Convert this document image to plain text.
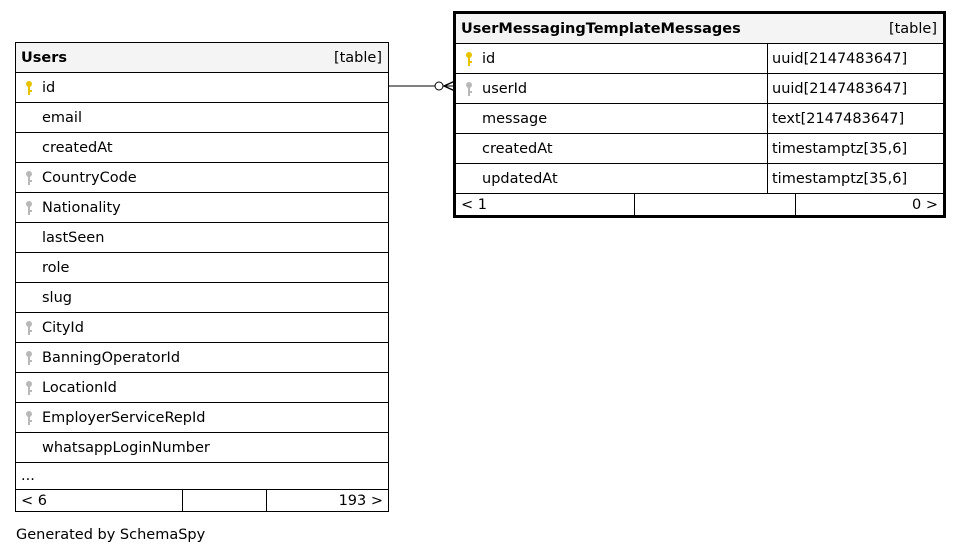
Users	[table]
id
email
createdAt
CountryCode
Nationality
lastSeen
role
slug
CityId
BanningOperatorId
LocationId
EmployerServiceRepId
whatsappLoginNumber
...
< 6	193 >
UserMessagingTemplateMessages	[table]
id	uuid[2147483647]
userId	uuid[2147483647]
message	text[2147483647]
createdAt	timestamptz[35,6]
updatedAt	timestamptz[35,6]
< 1	0 >
Generated by SchemaSpy
